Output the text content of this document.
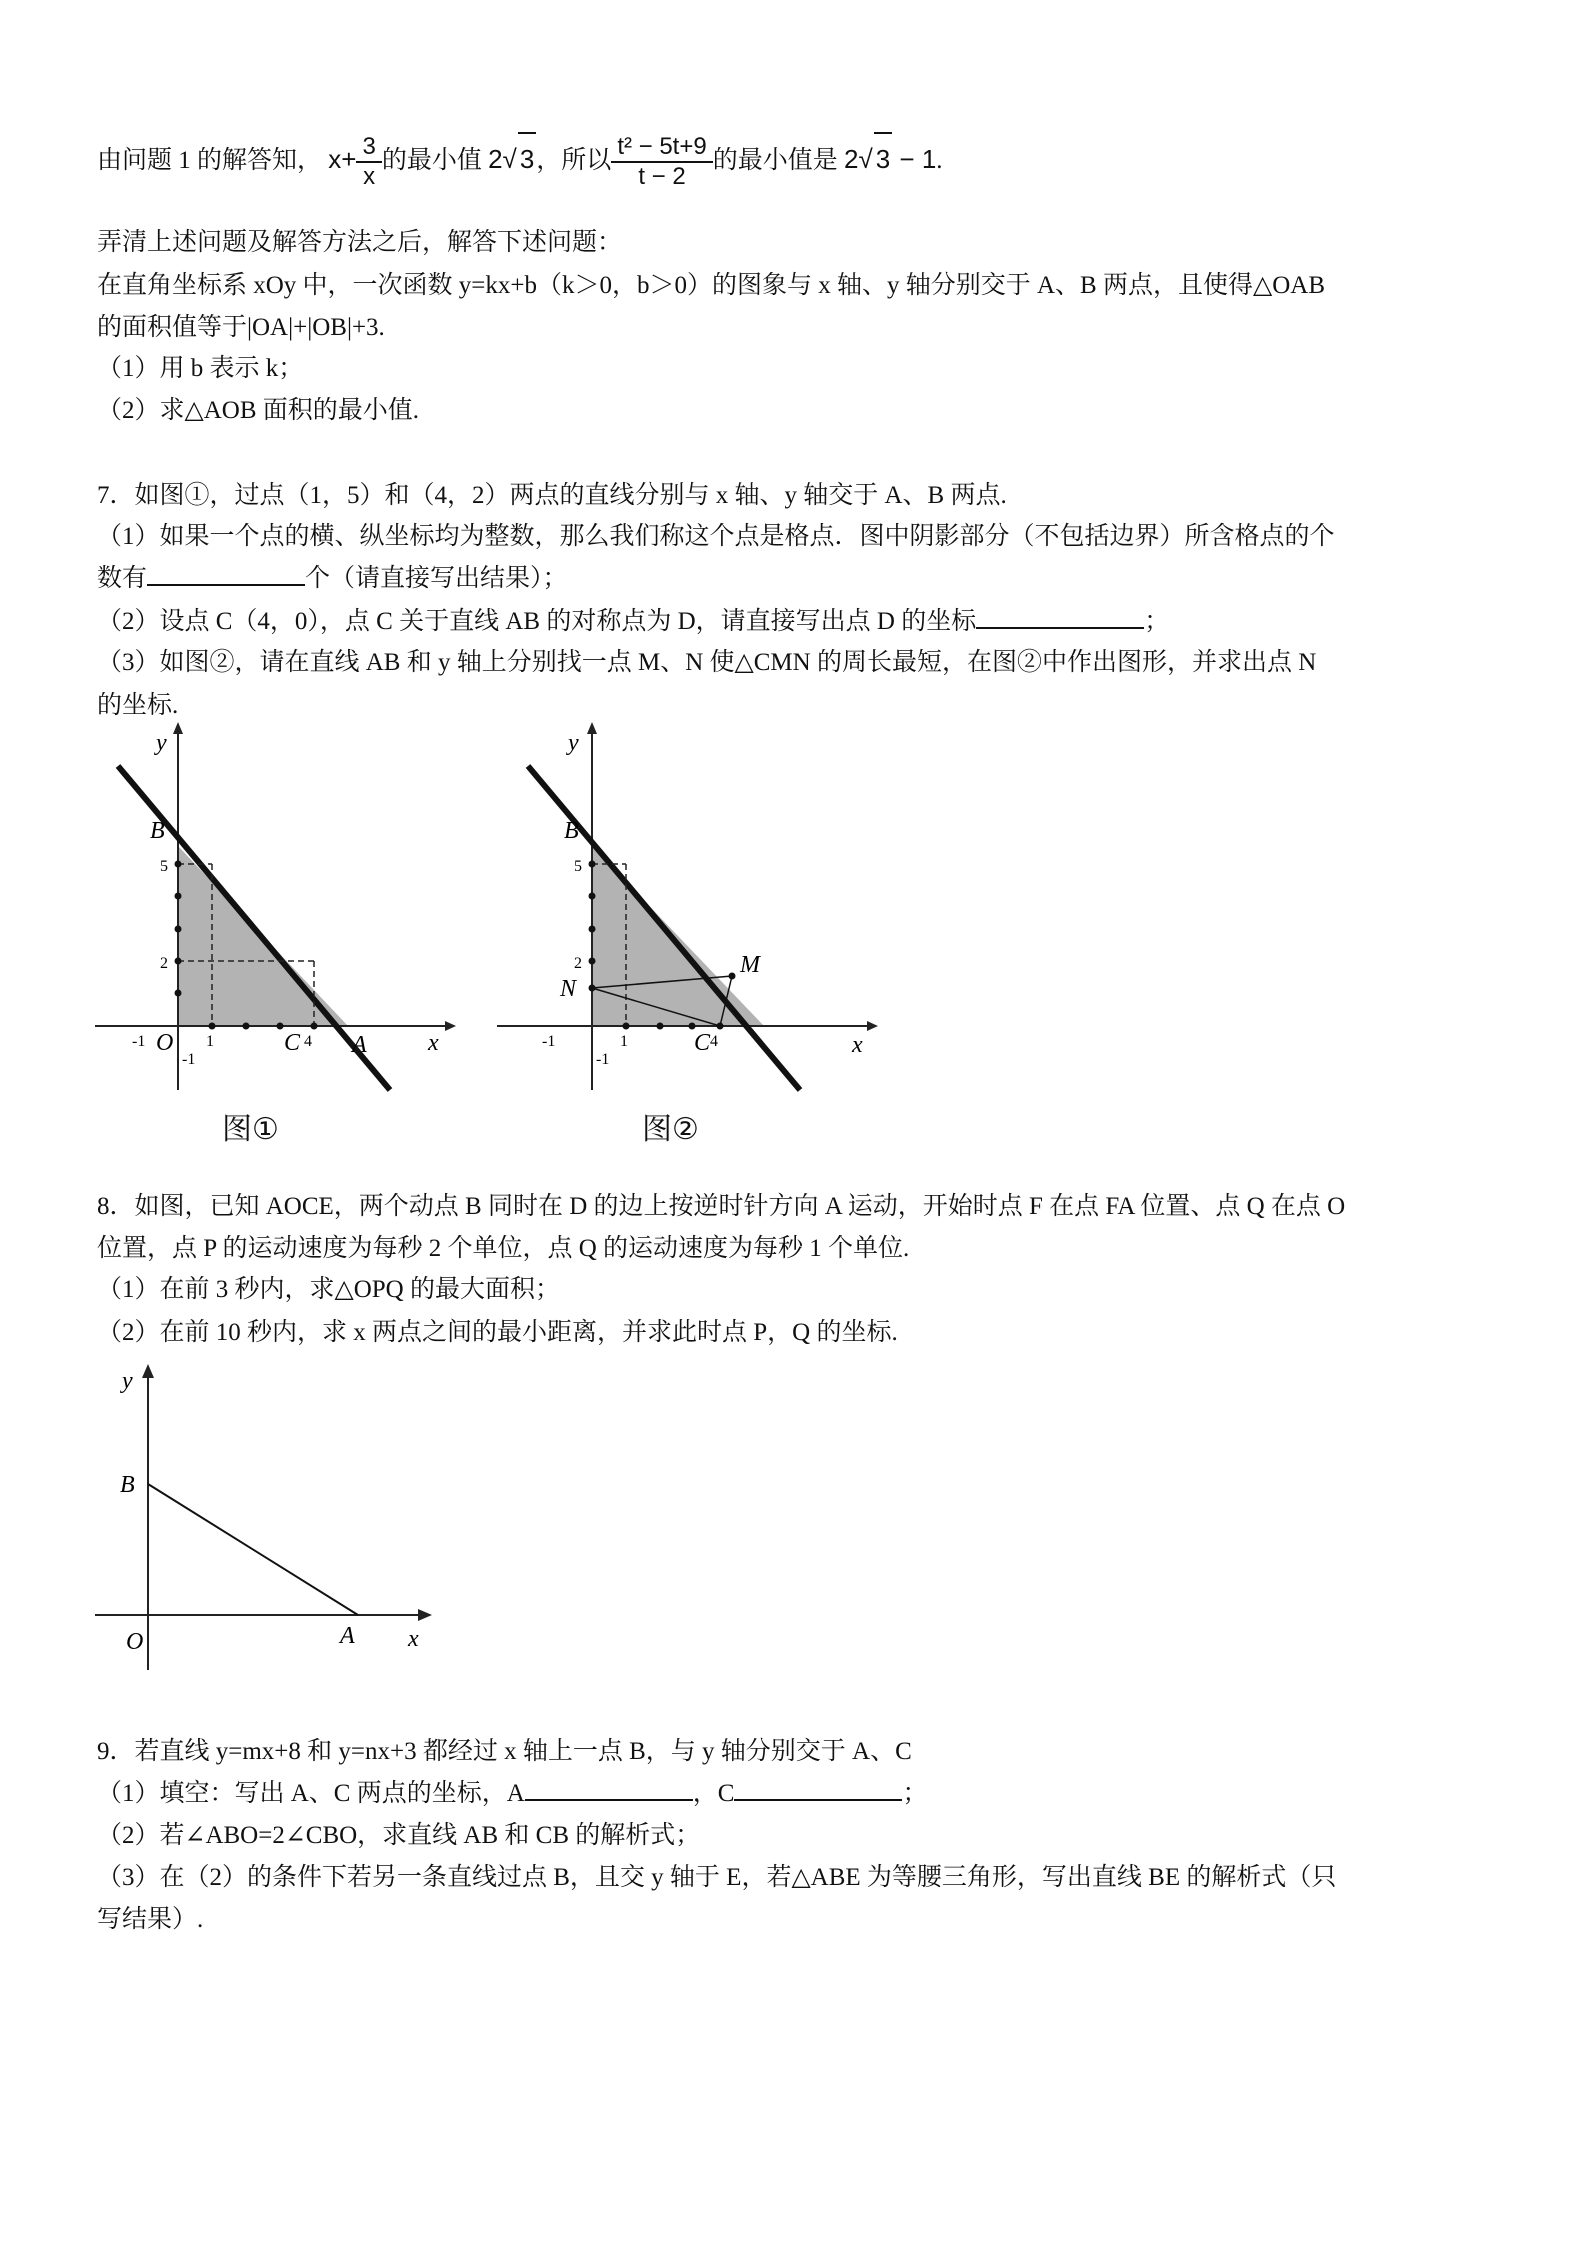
由问题 1 的解答知， $x+ \frac{3}{x}$ 的最小值 2√ 3，所以 $\frac{\text{t² − 5t+9}}{t - 2}$ 的最小值是 2√ 3 − 1.
弄清上述问题及解答方法之后，解答下述问题：
在直角坐标系 xOy 中，一次函数 y=kx+b（k＞0，b＞0）的图象与 x 轴、y 轴分别交于 A、B 两点，且使得△OAB
的面积值等于|OA|+|OB|+3.
（1）用 b 表示 k；
（2）求△AOB 面积的最小值.
7．如图①，过点（1，5）和（4，2）两点的直线分别与 x 轴、y 轴交于 A、B 两点.
（1）如果一个点的横、纵坐标均为整数，那么我们称这个点是格点．图中阴影部分（不包括边界）所含格点的个
数有	个（请直接写出结果）；
（2）设点 C（4，0），点 C 关于直线 AB 的对称点为 D，请直接写出点 D 的坐标	；
（3）如图②，请在直线 AB 和 y 轴上分别找一点 M、N 使△CMN 的周长最短，在图②中作出图形，并求出点 N
的坐标.
y
x
B
A
C
O
5
2
-1
-1
1	4
图①
y
x
B
M
N
C
5
2
-1
-1
1	4
图②
8．如图，已知 AOCE，两个动点 B 同时在 D 的边上按逆时针方向 A 运动，开始时点 F 在点 FA 位置、点 Q 在点 O
位置，点 P 的运动速度为每秒 2 个单位，点 Q 的运动速度为每秒 1 个单位.
（1）在前 3 秒内，求△OPQ 的最大面积；
（2）在前 10 秒内，求 x 两点之间的最小距离，并求此时点 P，Q 的坐标.
y
x
B
A
O
9．若直线 y=mx+8 和 y=nx+3 都经过 x 轴上一点 B，与 y 轴分别交于 A、C
（1）填空：写出 A、C 两点的坐标，A	，C	；
（2）若∠ABO=2∠CBO，求直线 AB 和 CB 的解析式；
（3）在（2）的条件下若另一条直线过点 B，且交 y 轴于 E，若△ABE 为等腰三角形，写出直线 BE 的解析式（只
写结果）.
